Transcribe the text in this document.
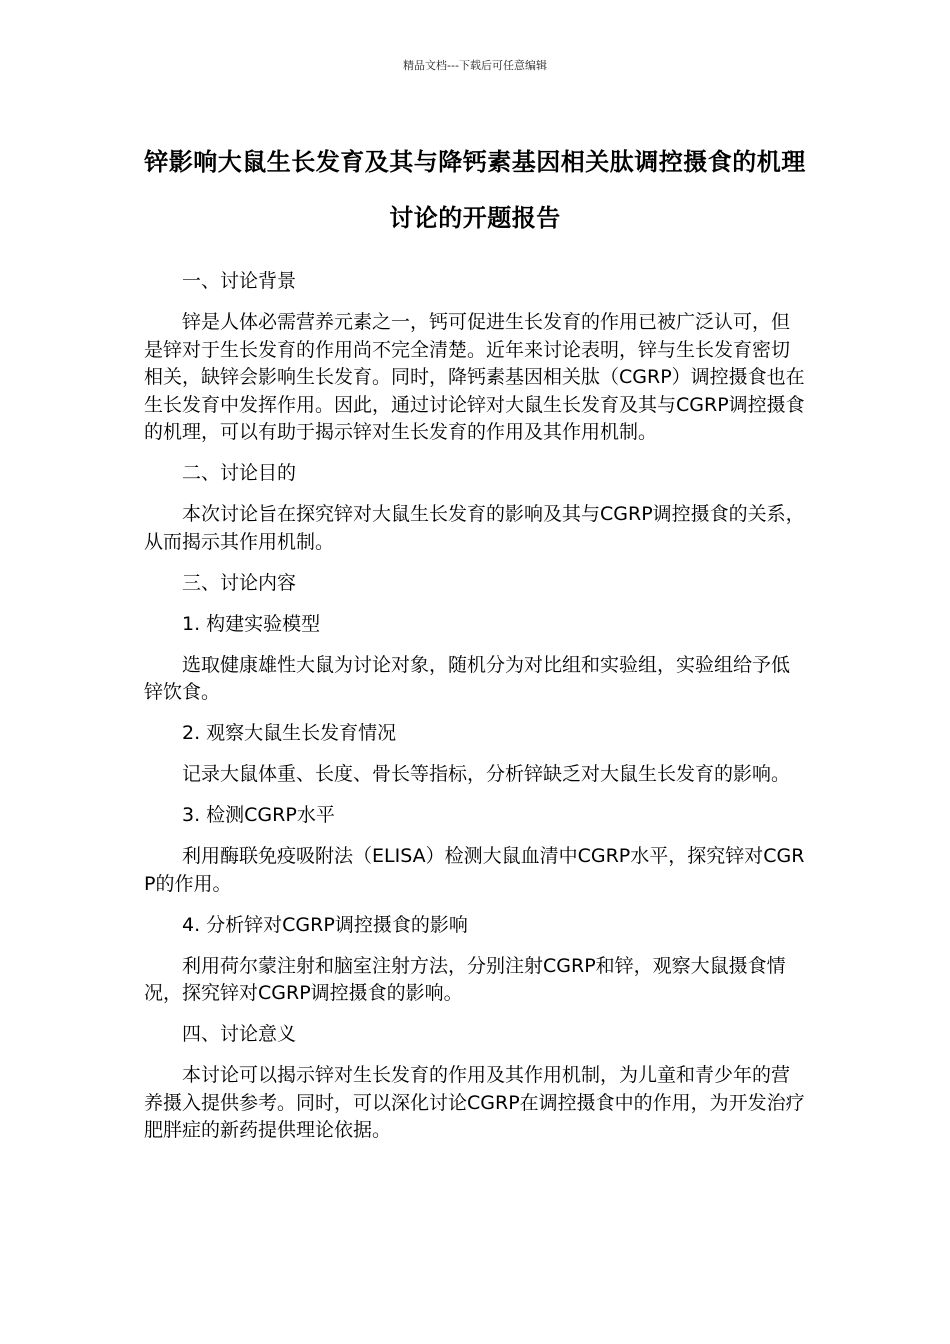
精品文档---下载后可任意编辑
锌影响大鼠生长发育及其与降钙素基因相关肽调控摄食的机理讨论的开题报告

一、讨论背景

锌是人体必需营养元素之一，钙可促进生长发育的作用已被广泛认可，但是锌对于生长发育的作用尚不完全清楚。近年来讨论表明，锌与生长发育密切相关，缺锌会影响生长发育。同时，降钙素基因相关肽（CGRP）调控摄食也在生长发育中发挥作用。因此，通过讨论锌对大鼠生长发育及其与CGRP调控摄食的机理，可以有助于揭示锌对生长发育的作用及其作用机制。

二、讨论目的

本次讨论旨在探究锌对大鼠生长发育的影响及其与CGRP调控摄食的关系，从而揭示其作用机制。

三、讨论内容

1. 构建实验模型

选取健康雄性大鼠为讨论对象，随机分为对比组和实验组，实验组给予低锌饮食。

2. 观察大鼠生长发育情况

记录大鼠体重、长度、骨长等指标，分析锌缺乏对大鼠生长发育的影响。

3. 检测CGRP水平

利用酶联免疫吸附法（ELISA）检测大鼠血清中CGRP水平，探究锌对CGRP的作用。

4. 分析锌对CGRP调控摄食的影响

利用荷尔蒙注射和脑室注射方法，分别注射CGRP和锌，观察大鼠摄食情况，探究锌对CGRP调控摄食的影响。

四、讨论意义

本讨论可以揭示锌对生长发育的作用及其作用机制，为儿童和青少年的营养摄入提供参考。同时，可以深化讨论CGRP在调控摄食中的作用，为开发治疗肥胖症的新药提供理论依据。
